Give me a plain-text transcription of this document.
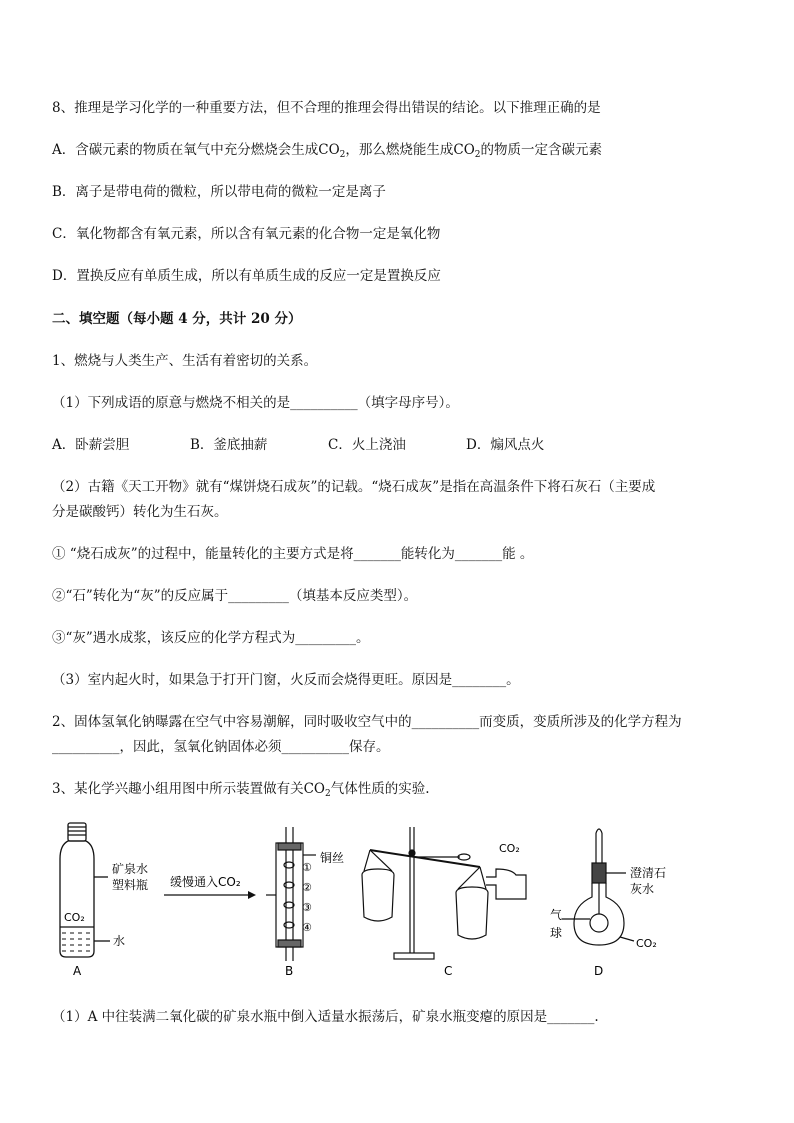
8、推理是学习化学的一种重要方法，但不合理的推理会得出错误的结论。以下推理正确的是
A．含碳元素的物质在氧气中充分燃烧会生成$CO_2$，那么燃烧能生成$CO_2$的物质一定含碳元素
B．离子是带电荷的微粒，所以带电荷的微粒一定是离子
C．氧化物都含有氧元素，所以含有氧元素的化合物一定是氧化物
D．置换反应有单质生成，所以有单质生成的反应一定是置换反应
二、填空题（每小题 4 分，共计 20 分）
1、燃烧与人类生产、生活有着密切的关系。
（1）下列成语的原意与燃烧不相关的是__________（填字母序号）。
A．卧薪尝胆	B．釜底抽薪	C．火上浇油	D．煽风点火
（2）古籍《天工开物》就有“煤饼烧石成灰”的记载。“烧石成灰”是指在高温条件下将石灰石（主要成
分是碳酸钙）转化为生石灰。
① “烧石成灰”的过程中，能量转化的主要方式是将_______能转化为_______能 。
②“石”转化为“灰”的反应属于_________（填基本反应类型）。
③“灰”遇水成浆，该反应的化学方程式为_________。
（3）室内起火时，如果急于打开门窗，火反而会烧得更旺。原因是________。
2、固体氢氧化钠曝露在空气中容易潮解，同时吸收空气中的__________而变质，变质所涉及的化学方程为
__________，因此，氢氧化钠固体必须__________保存。
3、某化学兴趣小组用图中所示装置做有关$CO_2$气体性质的实验.
矿泉水
塑料瓶
CO₂
水
A
缓慢通入CO₂
铜丝
①
②
③
④
B
CO₂
C
澄清石
灰水
气
球
CO₂
D
（1）A 中往装满二氧化碳的矿泉水瓶中倒入适量水振荡后，矿泉水瓶变瘪的原因是_______.
